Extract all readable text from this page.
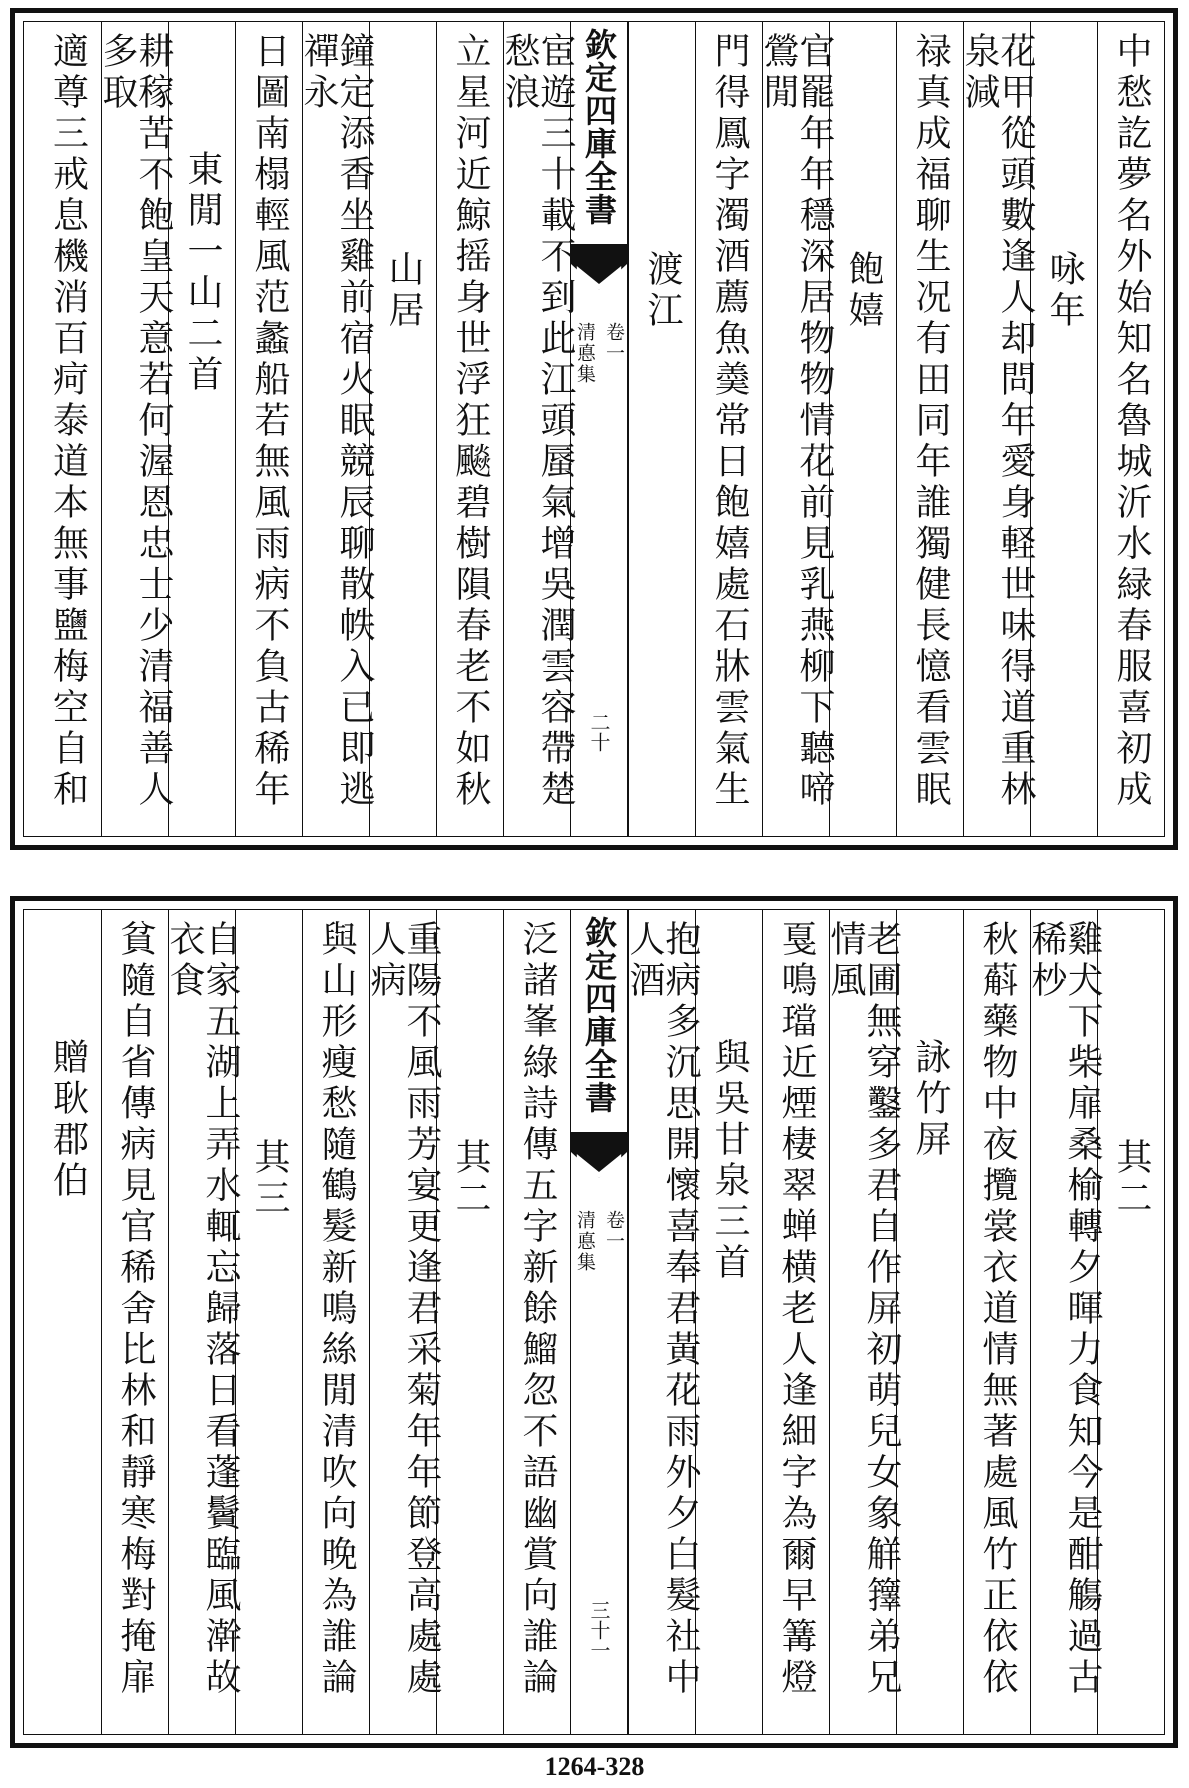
中愁訖夢名外始知名魯城沂水緑春服喜初成
咏年
花甲從頭數逢人却問年愛身軽世味得道重林泉減
禄真成福聊生况有田同年誰獨健長憶看雲眠
飽嬉
官罷年年穩深居物物情花前見乳燕柳下聽啼鶯閒
門得鳳字濁酒薦魚羮常日飽嬉處石牀雲氣生
渡江
欽定四庫全書
清悳集 卷一
二十
宦遊三十載不到此江頭蜃氣增吳潤雲容帶楚愁浪
立星河近鯨摇身世浮狂飈碧樹隕春老不如秋
山居
鐘定添香坐雞前宿火眠競辰聊散帙入已即逃禪永
日圖南榻輕風范蠡船若無風雨病不負古稀年
東閒一山二首
耕稼苦不飽皇天意若何渥恩忠士少清福善人多取
適尊三戒息機消百疴泰道本無事鹽梅空自和
其二
雞犬下柴扉桑榆轉夕暉力食知今是酣觴過古稀杪
秋蔛藥物中夜攬裳衣道情無著處風竹正依依
詠竹屏
老圃無穿鑿多君自作屏初萌兒女象觧籜弟兄情風
戛鳴璫近煙棲翠蝉横老人逢細字為爾早篝燈
與吳甘泉三首
抱病多沉思開懷喜奉君黃花雨外夕白髮社中人酒
欽定四庫全書
清悳集 卷一
三十一
泛諸峯綠詩傳五字新餘鰡忽不語幽賞向誰論
其二
重陽不風雨芳宴更逢君采菊年年節登高處處人病
與山形瘦愁隨鶴髮新鳴絲閒清吹向晚為誰論
其三
自家五湖上弄水輒忘歸落日看蓬鬢臨風澣故衣食
貧隨自省傳病見官稀舍比林和靜寒梅對掩扉
贈耿郡伯
1264-328
